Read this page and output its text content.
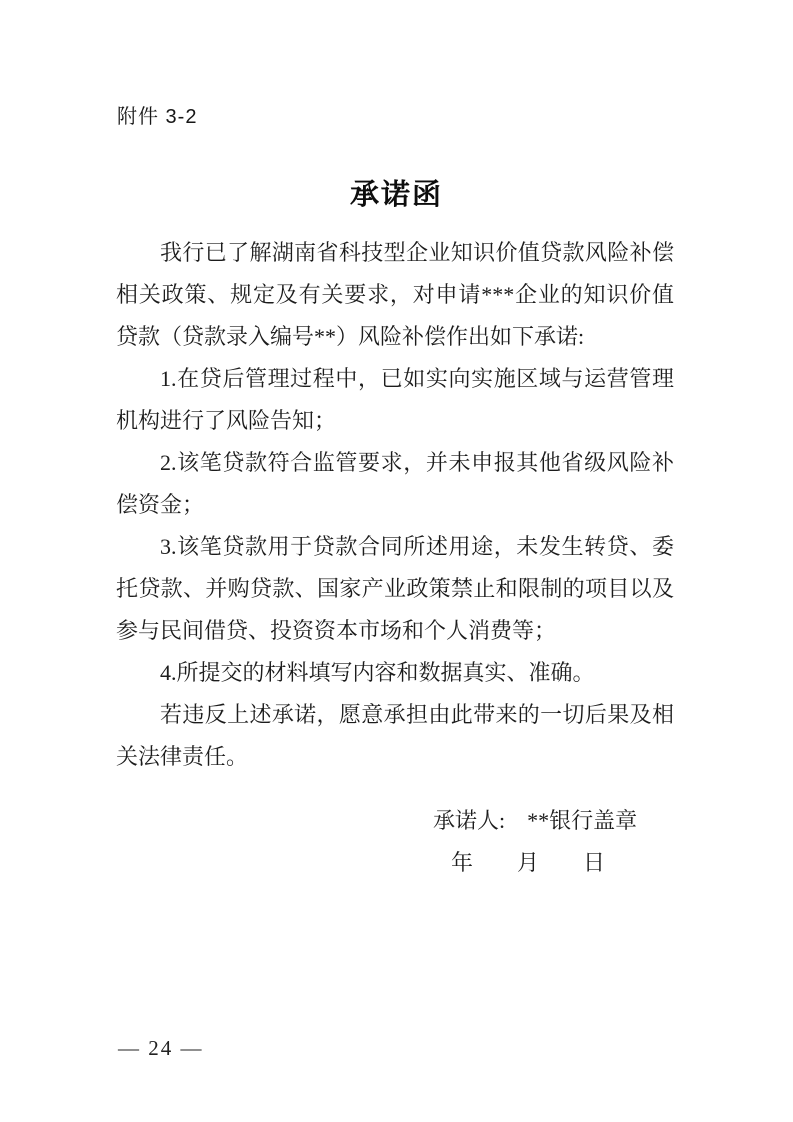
附件 3-2
承诺函

我行已了解湖南省科技型企业知识价值贷款风险补偿相关政策、规定及有关要求，对申请***企业的知识价值贷款（贷款录入编号**）风险补偿作出如下承诺:

1.在贷后管理过程中，已如实向实施区域与运营管理机构进行了风险告知；

2.该笔贷款符合监管要求，并未申报其他省级风险补偿资金；

3.该笔贷款用于贷款合同所述用途，未发生转贷、委托贷款、并购贷款、国家产业政策禁止和限制的项目以及参与民间借贷、投资资本市场和个人消费等；

4.所提交的材料填写内容和数据真实、准确。

若违反上述承诺，愿意承担由此带来的一切后果及相关法律责任。

承诺人:　**银行盖章
年　　月　　日
— 24 —
